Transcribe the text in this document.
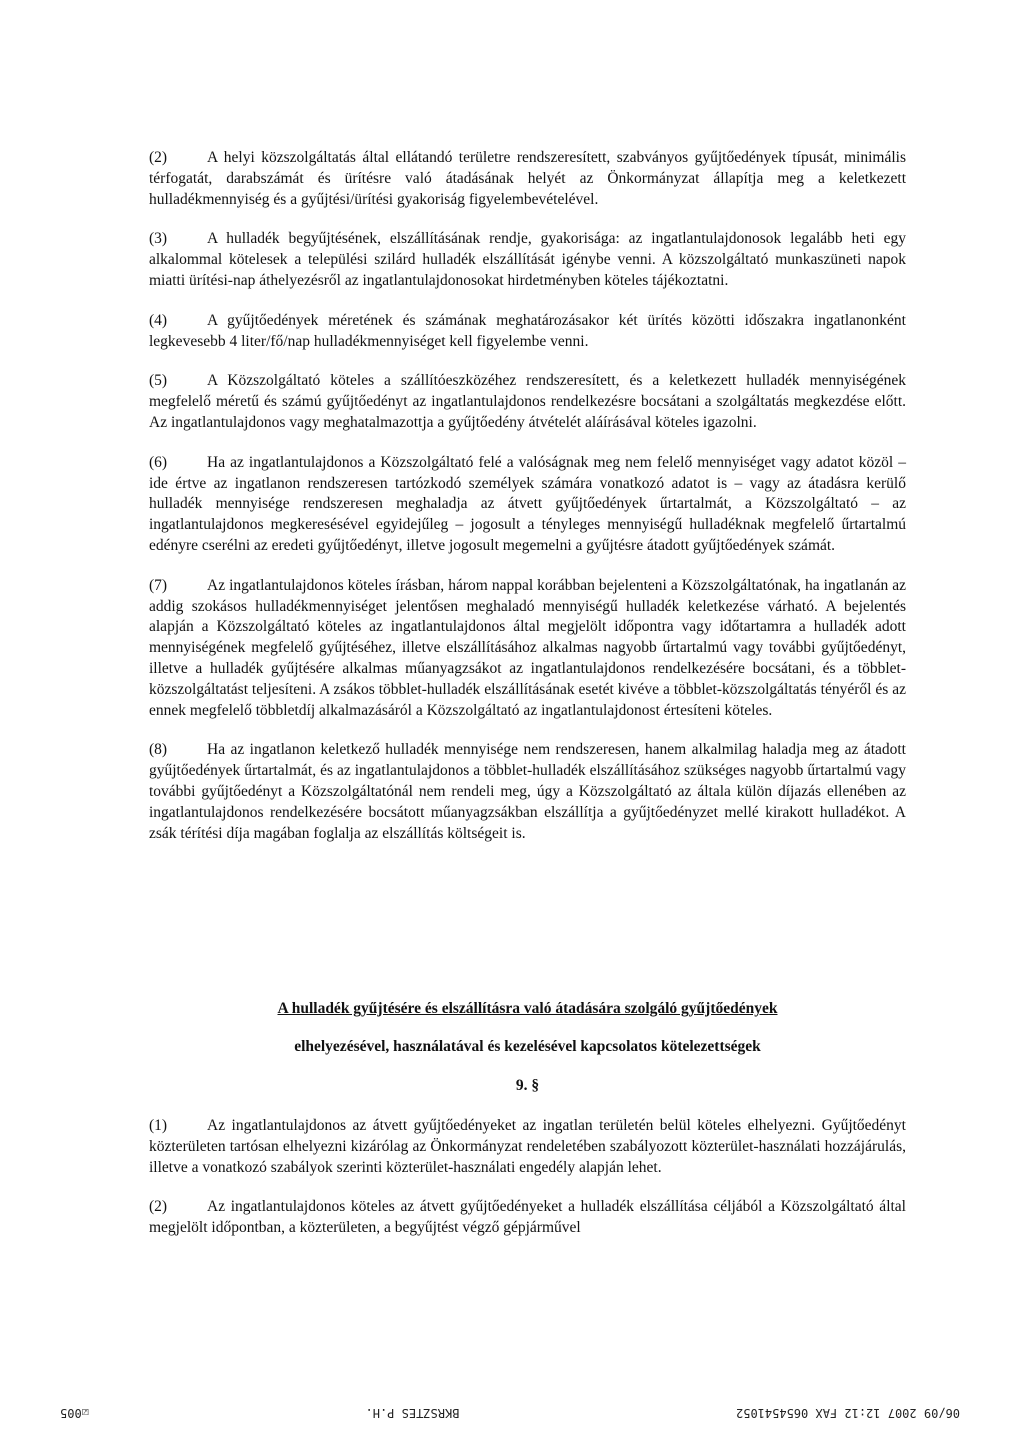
(2)	A helyi közszolgáltatás által ellátandó területre rendszeresített, szabványos gyűjtőedények típusát, minimális térfogatát, darabszámát és ürítésre való átadásának helyét az Önkormányzat állapítja meg a keletkezett hulladékmennyiség és a gyűjtési/ürítési gyakoriság figyelembevételével.

(3)	A hulladék begyűjtésének, elszállításának rendje, gyakorisága: az ingatlantulajdonosok legalább heti egy alkalommal kötelesek a települési szilárd hulladék elszállítását igénybe venni. A közszolgáltató munkaszüneti napok miatti ürítési-nap áthelyezésről az ingatlantulajdonosokat hirdetményben köteles tájékoztatni.

(4)	A gyűjtőedények méretének és számának meghatározásakor két ürítés közötti időszakra ingatlanonként legkevesebb 4 liter/fő/nap hulladékmennyiséget kell figyelembe venni.

(5)	A Közszolgáltató köteles a szállítóeszközéhez rendszeresített, és a keletkezett hulladék mennyiségének megfelelő méretű és számú gyűjtőedényt az ingatlantulajdonos rendelkezésre bocsátani a szolgáltatás megkezdése előtt. Az ingatlantulajdonos vagy meghatalmazottja a gyűjtőedény átvételét aláírásával köteles igazolni.

(6)	Ha az ingatlantulajdonos a Közszolgáltató felé a valóságnak meg nem felelő mennyiséget vagy adatot közöl – ide értve az ingatlanon rendszeresen tartózkodó személyek számára vonatkozó adatot is – vagy az átadásra kerülő hulladék mennyisége rendszeresen meghaladja az átvett gyűjtőedények űrtartalmát, a Közszolgáltató – az ingatlantulajdonos megkeresésével egyidejűleg – jogosult a tényleges mennyiségű hulladéknak megfelelő űrtartalmú edényre cserélni az eredeti gyűjtőedényt, illetve jogosult megemelni a gyűjtésre átadott gyűjtőedények számát.

(7)	Az ingatlantulajdonos köteles írásban, három nappal korábban bejelenteni a Közszolgáltatónak, ha ingatlanán az addig szokásos hulladékmennyiséget jelentősen meghaladó mennyiségű hulladék keletkezése várható. A bejelentés alapján a Közszolgáltató köteles az ingatlantulajdonos által megjelölt időpontra vagy időtartamra a hulladék adott mennyiségének megfelelő gyűjtéséhez, illetve elszállításához alkalmas nagyobb űrtartalmú vagy további gyűjtőedényt, illetve a hulladék gyűjtésére alkalmas műanyagzsákot az ingatlantulajdonos rendelkezésére bocsátani, és a többlet-közszolgáltatást teljesíteni. A zsákos többlet-hulladék elszállításának esetét kivéve a többlet-közszolgáltatás tényéről és az ennek megfelelő többletdíj alkalmazásáról a Közszolgáltató az ingatlantulajdonost értesíteni köteles.

(8)	Ha az ingatlanon keletkező hulladék mennyisége nem rendszeresen, hanem alkalmilag haladja meg az átadott gyűjtőedények űrtartalmát, és az ingatlantulajdonos a többlet-hulladék elszállításához szükséges nagyobb űrtartalmú vagy további gyűjtőedényt a Közszolgáltatónál nem rendeli meg, úgy a Közszolgáltató az általa külön díjazás ellenében az ingatlantulajdonos rendelkezésére bocsátott műanyagzsákban elszállítja a gyűjtőedényzet mellé kirakott hulladékot. A zsák térítési díja magában foglalja az elszállítás költségeit is.

A hulladék gyűjtésére és elszállításra való átadására szolgáló gyűjtőedények
elhelyezésével, használatával és kezelésével kapcsolatos kötelezettségek
9. §

(1)	Az ingatlantulajdonos az átvett gyűjtőedényeket az ingatlan területén belül köteles elhelyezni. Gyűjtőedényt közterületen tartósan elhelyezni kizárólag az Önkormányzat rendeletében szabályozott közterület-használati hozzájárulás, illetve a vonatkozó szabályok szerinti közterület-használati engedély alapján lehet.

(2)	Az ingatlantulajdonos köteles az átvett gyűjtőedényeket a hulladék elszállítása céljából a Közszolgáltató által megjelölt időpontban, a közterületen, a begyűjtést végző gépjármű​vel

06/09 2007 12:12 FAX 06545410​52
BKRSZTES P.H.
☑005
